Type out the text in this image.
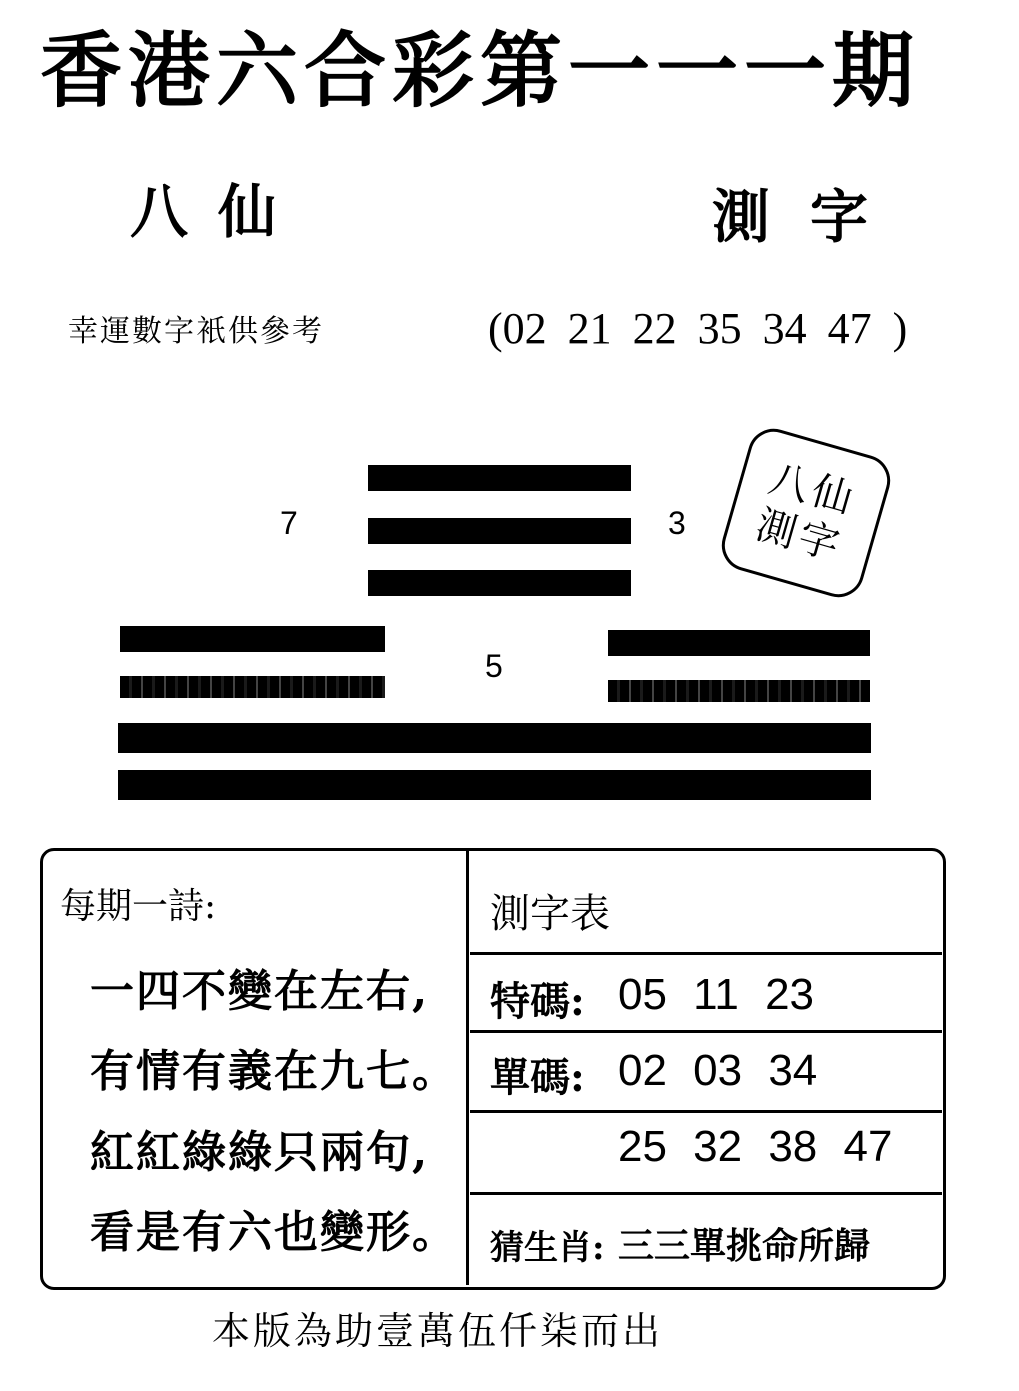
香港六合彩第一一一期
八仙	測字
幸運數字衹供參考	(02 21 22 35 34 47 )
7	3
5
八仙
測字
每期一詩:
一四不變在左右,
有情有義在九七。
紅紅綠綠只兩句,
看是有六也變形。
測字表
特碼: 05 11 23
單碼: 02 03 34
25 32 38 47
猜生肖: 三三單挑命所歸
本版為助壹萬伍仟柒而出
